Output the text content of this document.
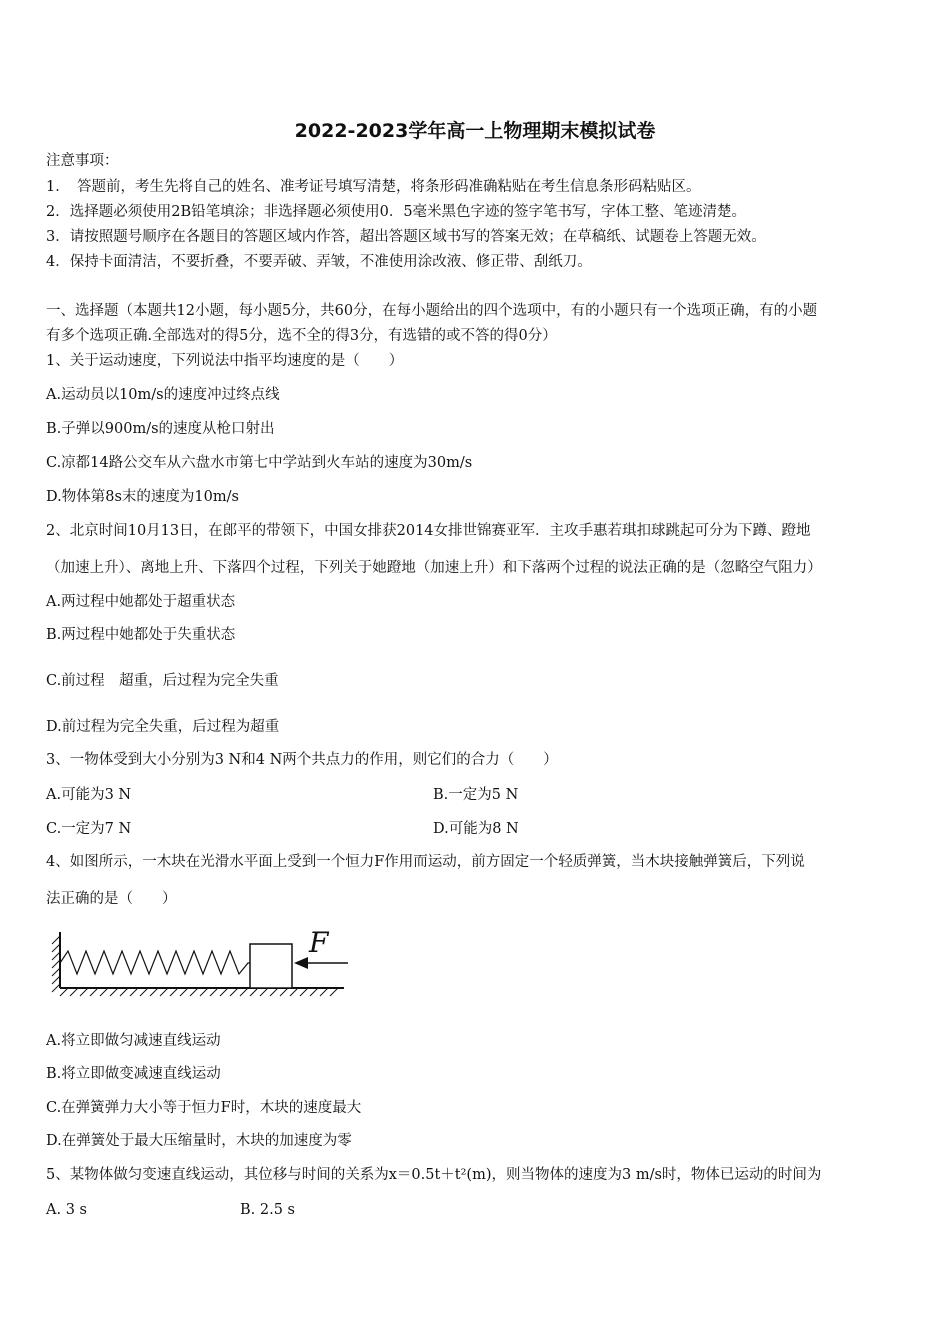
2022-2023学年高一上物理期末模拟试卷
注意事项：
1．　答题前，考生先将自己的姓名、准考证号填写清楚，将条形码准确粘贴在考生信息条形码粘贴区。
2．选择题必须使用2B铅笔填涂；非选择题必须使用0．5毫米黑色字迹的签字笔书写，字体工整、笔迹清楚。
3．请按照题号顺序在各题目的答题区域内作答，超出答题区域书写的答案无效；在草稿纸、试题卷上答题无效。
4．保持卡面清洁，不要折叠，不要弄破、弄皱，不准使用涂改液、修正带、刮纸刀。
一、选择题（本题共12小题，每小题5分，共60分，在每小题给出的四个选项中，有的小题只有一个选项正确，有的小题
有多个选项正确.全部选对的得5分，选不全的得3分，有选错的或不答的得0分）
1、关于运动速度，下列说法中指平均速度的是（　　）
A.运动员以10m/s的速度冲过终点线
B.子弹以900m/s的速度从枪口射出
C.凉都14路公交车从六盘水市第七中学站到火车站的速度为30m/s
D.物体第8s末的速度为10m/s
2、北京时间10月13日，在郎平的带领下，中国女排获2014女排世锦赛亚军．主攻手惠若琪扣球跳起可分为下蹲、蹬地
（加速上升）、离地上升、下落四个过程，下列关于她蹬地（加速上升）和下落两个过程的说法正确的是（忽略空气阻力）
A.两过程中她都处于超重状态
B.两过程中她都处于失重状态
C.前过程　超重，后过程为完全失重
D.前过程为完全失重，后过程为超重
3、一物体受到大小分别为3 N和4 N两个共点力的作用，则它们的合力（　　）
A.可能为3 N	B.一定为5 N
C.一定为7 N	D.可能为8 N
4、如图所示，一木块在光滑水平面上受到一个恒力F作用而运动，前方固定一个轻质弹簧，当木块接触弹簧后，下列说
法正确的是（　　）
F
A.将立即做匀减速直线运动
B.将立即做变减速直线运动
C.在弹簧弹力大小等于恒力F时，木块的速度最大
D.在弹簧处于最大压缩量时，木块的加速度为零
5、某物体做匀变速直线运动，其位移与时间的关系为x＝0.5t＋t²(m)，则当物体的速度为3 m/s时，物体已运动的时间为
A. 3 s	B. 2.5 s
